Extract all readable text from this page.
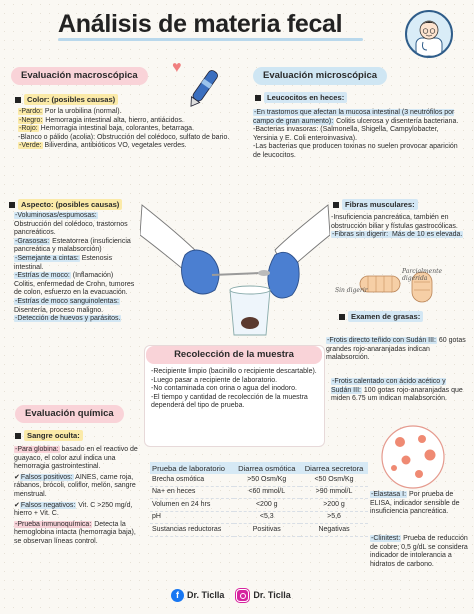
Análisis de materia fecal
♥
Evaluación macroscópica
Color: (posibles causas)

-Pardo: Por la urobilina (normal).

-Negro: Hemorragia intestinal alta, hierro, antiácidos.

-Rojo: Hemorragia intestinal baja, colorantes, betarraga.

-Blanco o pálido (acolia): Obstrucción del colédoco, sulfato de bario.

-Verde: Biliverdina, antibióticos VO, vegetales verdes.

Aspecto: (posibles causas)

-Voluminosas/espumosas: Obstrucción del colédoco, trastornos pancreáticos.

-Grasosas: Esteatorrea (insuficiencia pancreática y malabsorción)

-Semejante a cintas: Estenosis intestinal.

-Estrías de moco: (Inflamación) Colitis, enfermedad de Crohn, tumores de colon, esfuerzo en la evacuación.

-Estrías de moco sanguinolentas: Disentería, proceso maligno.

-Detección de huevos y parásitos.

Evaluación química
Sangre oculta:

-Para globina: basado en el reactivo de guayaco, el color azul indica una hemorragia gastrointestinal.

✔Falsos positivos: AINES, carne roja, rábanos, brócoli, coliflor, melón, sangre menstrual.

✔Falsos negativos: Vit. C >250 mg/d, hierro + Vit. C.

-Prueba inmunoquímica: Detecta la hemoglobina intacta (hemorragia baja), se observan líneas control.

Evaluación microscópica
Leucocitos en heces:

-En trastornos que afectan la mucosa intestinal (3 neutrófilos por campo de gran aumento): Colitis ulcerosa y disentería bacteriana.

-Bacterias invasoras: (Salmonella, Shigella, Campylobacter, Yersinia y E. Coli enteroinvasiva).

-Las bacterias que producen toxinas no suelen provocar aparición de leucocitos.

Fibras musculares:

-Insuficiencia pancreática, también en obstrucción biliar y fístulas gastrocólicas.

-Fibras sin digerir: Más de 10 es elevada.

Sin digerir
Parcialmente digerida
Examen de grasas:

-Frotis directo teñido con Sudán III: 60 gotas grandes rojo-anaranjadas indican malabsorción.

-Frotis calentado con ácido acético y Sudán III: 100 gotas rojo-anaranjadas que miden 6.75 um indican malabsorción.

-Elastasa I: Por prueba de ELISA, indicador sensible de insuficiencia pancreática.

-Clinitest: Prueba de reducción de cobre; 0,5 g/dL se considera indicador de intolerancia a hidratos de carbono.

Recolección de la muestra

-Recipiente limpio (bacinillo o recipiente descartable).

-Luego pasar a recipiente de laboratorio.

-No contaminada con orina o agua del inodoro.

-El tiempo y cantidad de recolección de la muestra dependerá del tipo de prueba.

Prueba de laboratorio	Diarrea osmótica	Diarrea secretora
Brecha osmótica	>50 Osm/Kg	<50 Osm/Kg
Na+ en heces	<60 mmol/L	>90 mmol/L
Volumen en 24 hrs	<200 g	>200 g
pH	<5,3	>5,6
Sustancias reductoras	Positivas	Negativas
f Dr. Ticlla	Dr. Ticlla
